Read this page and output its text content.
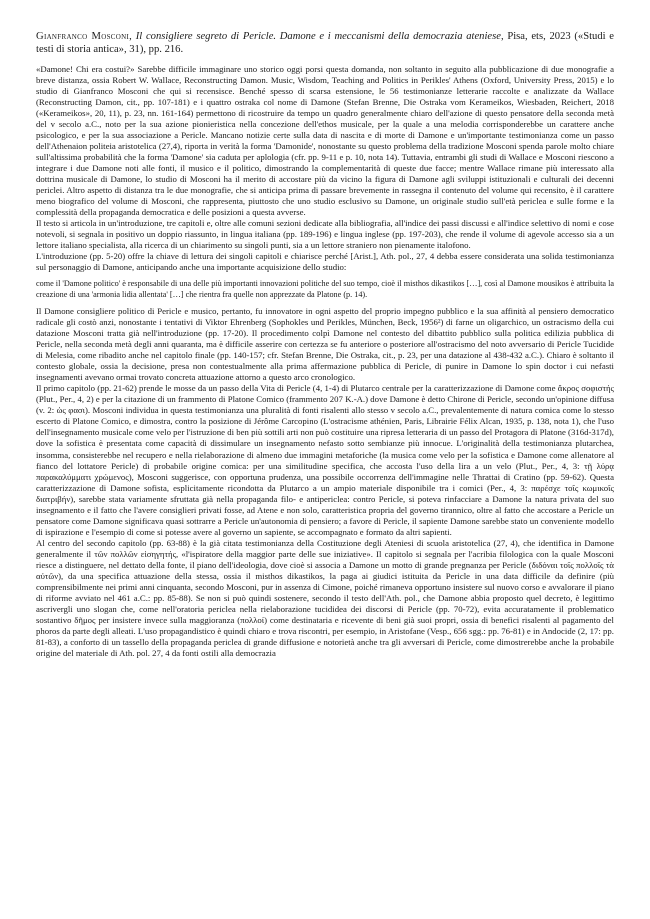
Gianfranco Mosconi, Il consigliere segreto di Pericle. Damone e i meccanismi della democrazia ateniese, Pisa, ets, 2023 («Studi e testi di storia antica», 31), pp. 216.

«Damone! Chi era costui?» Sarebbe difficile immaginare uno storico oggi porsi questa domanda, non soltanto in seguito alla pubblicazione di due monografie a breve distanza, ossia Robert W. Wallace, Reconstructing Damon. Music, Wisdom, Teaching and Politics in Perikles' Athens (Oxford, University Press, 2015) e lo studio di Gianfranco Mosconi che qui si recensisce. Benché spesso di scarsa estensione, le 56 testimonianze letterarie raccolte e analizzate da Wallace (Reconstructing Damon, cit., pp. 107-181) e i quattro ostraka col nome di Damone (Stefan Brenne, Die Ostraka vom Kerameikos, Wiesbaden, Reichert, 2018 («Kerameikos», 20, 11), p. 23, nn. 161-164) permettono di ricostruire da tempo un quadro generalmente chiaro dell'azione di questo pensatore della seconda metà del v secolo a.C., noto per la sua azione pionieristica nella concezione dell'ethos musicale, per la quale a una melodia corrisponderebbe un carattere anche psicologico, e per la sua associazione a Pericle. Mancano notizie certe sulla data di nascita e di morte di Damone e un'importante testimonianza come un passo dell'Athenaion politeia aristotelica (27,4), riporta in verità la forma 'Damonide', nonostante su questo problema della tradizione Mosconi spenda parole molto chiare sull'altissima probabilità che la forma 'Damone' sia caduta per aplologia (cfr. pp. 9-11 e p. 10, nota 14). Tuttavia, entrambi gli studi di Wallace e Mosconi riescono a integrare i due Damone noti alle fonti, il musico e il politico, dimostrando la complementarità di queste due facce; mentre Wallace rimane più interessato alla dottrina musicale di Damone, lo studio di Mosconi ha il merito di accostare più da vicino la figura di Damone agli sviluppi istituzionali e culturali dei decenni periclei. Altro aspetto di distanza tra le due monografie, che si anticipa prima di passare brevemente in rassegna il contenuto del volume qui recensito, è il carattere meno biografico del volume di Mosconi, che rappresenta, piuttosto che uno studio esclusivo su Damone, un originale studio sull'età periclea e sulle forme e la complessità della propaganda democratica e delle posizioni a questa avverse.

Il testo si articola in un'introduzione, tre capitoli e, oltre alle comuni sezioni dedicate alla bibliografia, all'indice dei passi discussi e all'indice selettivo di nomi e cose notevoli, si segnala in positivo un doppio riassunto, in lingua italiana (pp. 189-196) e lingua inglese (pp. 197-203), che rende il volume di agevole accesso sia a un lettore italiano specialista, alla ricerca di un chiarimento su singoli punti, sia a un lettore straniero non pienamente italofono.

L'introduzione (pp. 5-20) offre la chiave di lettura dei singoli capitoli e chiarisce perché [Arist.], Ath. pol., 27, 4 debba essere considerata una solida testimonianza sul personaggio di Damone, anticipando anche una importante acquisizione dello studio:

come il 'Damone politico' è responsabile di una delle più importanti innovazioni politiche del suo tempo, cioè il misthos dikastikos […], così al Damone mousikos è attribuita la creazione di una 'armonia lidia allentata' […] che rientra fra quelle non apprezzate da Platone (p. 14).

Il Damone consigliere politico di Pericle e musico, pertanto, fu innovatore in ogni aspetto del proprio impegno pubblico e la sua affinità al pensiero democratico radicale gli costò anzi, nonostante i tentativi di Viktor Ehrenberg (Sophokles und Perikles, München, Beck, 1956²) di farne un oligarchico, un ostracismo della cui datazione Mosconi tratta già nell'introduzione (pp. 17-20). Il procedimento colpì Damone nel contesto del dibattito pubblico sulla politica edilizia pubblica di Pericle, nella seconda metà degli anni quaranta, ma è difficile asserire con certezza se fu anteriore o posteriore all'ostracismo del noto avversario di Pericle Tucidide di Melesia, come ribadito anche nel capitolo finale (pp. 140-157; cfr. Stefan Brenne, Die Ostraka, cit., p. 23, per una datazione al 438-432 a.C.). Chiaro è soltanto il contesto globale, ossia la decisione, presa non contestualmente alla prima affermazione pubblica di Pericle, di punire in Damone lo spin doctor i cui nefasti insegnamenti avevano ormai trovato concreta attuazione attorno a questo arco cronologico.

Il primo capitolo (pp. 21-62) prende le mosse da un passo della Vita di Pericle (4, 1-4) di Plutarco centrale per la caratterizzazione di Damone come ἄκρος σοφιστής (Plut., Per., 4, 2) e per la citazione di un frammento di Platone Comico (frammento 207 K.-A.) dove Damone è detto Chirone di Pericle, secondo un'opinione diffusa (v. 2: ὡς φασι). Mosconi individua in questa testimonianza una pluralità di fonti risalenti allo stesso v secolo a.C., prevalentemente di natura comica come lo stesso escerto di Platone Comico, e dimostra, contro la posizione di Jérôme Carcopino (L'ostracisme athénien, Paris, Librairie Félix Alcan, 1935, p. 138, nota 1), che l'uso dell'insegnamento musicale come velo per l'istruzione di ben più sottili arti non può costituire una ripresa letteraria di un passo del Protagora di Platone (316d-317d), dove la sofistica è presentata come capacità di dissimulare un insegnamento nefasto sotto sembianze più innocue. L'originalità della testimonianza plutarchea, insomma, consisterebbe nel recupero e nella rielaborazione di almeno due immagini metaforiche (la musica come velo per la sofistica e Damone come allenatore al fianco del lottatore Pericle) di probabile origine comica: per una similitudine specifica, che accosta l'uso della lira a un velo (Plut., Per., 4, 3: τῇ λύρᾳ παρακαλύμματι χρώμενος), Mosconi suggerisce, con opportuna prudenza, una possibile occorrenza dell'immagine nelle Thrattai di Cratino (pp. 59-62). Questa caratterizzazione di Damone sofista, esplicitamente ricondotta da Plutarco a un ampio materiale disponibile tra i comici (Per., 4, 3: παρέσχε τοῖς κωμικοῖς διατριβήν), sarebbe stata variamente sfruttata già nella propaganda filo- e antipericlea: contro Pericle, si poteva rinfacciare a Damone la natura privata del suo insegnamento e il fatto che l'avere consiglieri privati fosse, ad Atene e non solo, caratteristica propria del governo tirannico, oltre al fatto che accostare a Pericle un pensatore come Damone significava quasi sottrarre a Pericle un'autonomia di pensiero; a favore di Pericle, il sapiente Damone sarebbe stato un conveniente modello di ispirazione e l'esempio di come si potesse avere al governo un sapiente, se accompagnato e formato da altri sapienti.

Al centro del secondo capitolo (pp. 63-88) è la già citata testimonianza della Costituzione degli Ateniesi di scuola aristotelica (27, 4), che identifica in Damone generalmente il τῶν πολλῶν εἰσηγητής, «l'ispiratore della maggior parte delle sue iniziative». Il capitolo si segnala per l'acribia filologica con la quale Mosconi riesce a distinguere, nel dettato della fonte, il piano dell'ideologia, dove cioè si associa a Damone un motto di grande pregnanza per Pericle (διδόναι τοῖς πολλοῖς τὰ αὐτῶν), da una specifica attuazione della stessa, ossia il misthos dikastikos, la paga ai giudici istituita da Pericle in una data difficile da definire (più comprensibilmente nei primi anni cinquanta, secondo Mosconi, pur in assenza di Cimone, poiché rimaneva opportuno insistere sul nuovo corso e avvalorare il piano di riforme avviato nel 461 a.C.: pp. 85-88). Se non si può quindi sostenere, secondo il testo dell'Ath. pol., che Damone abbia proposto quel decreto, è legittimo ascrivergli uno slogan che, come nell'oratoria periclea nella rielaborazione tucididea dei discorsi di Pericle (pp. 70-72), evita accuratamente il problematico sostantivo δῆμος per insistere invece sulla maggioranza (πολλοί) come destinataria e ricevente di beni già suoi propri, ossia di benefici risalenti al pagamento del phoros da parte degli alleati. L'uso propagandistico è quindi chiaro e trova riscontri, per esempio, in Aristofane (Vesp., 656 sgg.: pp. 76-81) e in Andocide (2, 17: pp. 81-83), a conforto di un tassello della propaganda periclea di grande diffusione e notorietà anche tra gli avversari di Pericle, come dimostrerebbe anche la probabile origine del materiale di Ath. pol. 27, 4 da fonti ostili alla democrazia
